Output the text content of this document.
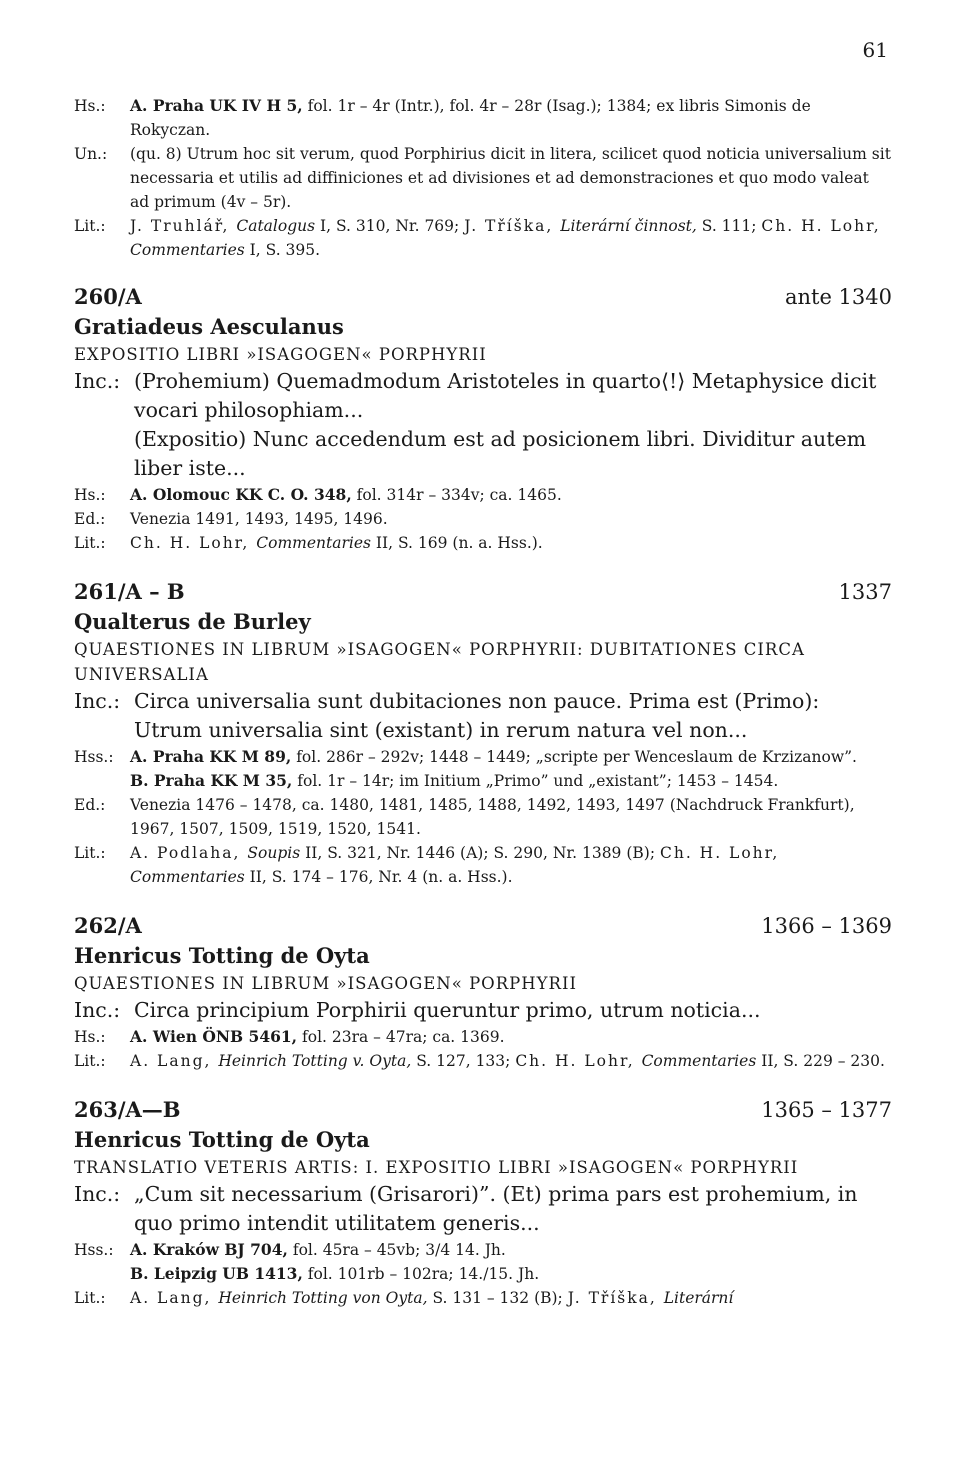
61
Hs.:	A. Praha UK IV H 5, fol. 1r – 4r (Intr.), fol. 4r – 28r (Isag.); 1384; ex libris Simonis de Rokyczan.
Un.:	(qu. 8) Utrum hoc sit verum, quod Porphirius dicit in litera, scilicet quod noticia universalium sit necessaria et utilis ad diffiniciones et ad divisiones et ad demonstraciones et quo modo valeat ad primum (4v – 5r).
Lit.:	J. Truhlář, Catalogus I, S. 310, Nr. 769; J. Tříška, Literární činnost, S. 111; Ch. H. Lohr, Commentaries I, S. 395.
260/A	ante 1340
Gratiadeus Aesculanus
EXPOSITIO LIBRI »ISAGOGEN« PORPHYRII
Inc.: (Prohemium) Quemadmodum Aristoteles in quarto⟨!⟩ Metaphysice dicit vocari philosophiam...
(Expositio) Nunc accedendum est ad posicionem libri. Dividitur autem liber iste...
Hs.:	A. Olomouc KK C. O. 348, fol. 314r – 334v; ca. 1465.
Ed.:	Venezia 1491, 1493, 1495, 1496.
Lit.:	Ch. H. Lohr, Commentaries II, S. 169 (n. a. Hss.).
261/A – B	1337
Qualterus de Burley
QUAESTIONES IN LIBRUM »ISAGOGEN« PORPHYRII: DUBITATIONES CIRCA UNIVERSALIA
Inc.: Circa universalia sunt dubitaciones non pauce. Prima est (Primo): Utrum universalia sint (existant) in rerum natura vel non...
Hss.:	A. Praha KK M 89, fol. 286r – 292v; 1448 – 1449; „scripte per Wenceslaum de Krzizanow”.
B. Praha KK M 35, fol. 1r – 14r; im Initium „Primo” und „existant”; 1453 – 1454.
Ed.:	Venezia 1476 – 1478, ca. 1480, 1481, 1485, 1488, 1492, 1493, 1497 (Nachdruck Frankfurt), 1967, 1507, 1509, 1519, 1520, 1541.
Lit.:	A. Podlaha, Soupis II, S. 321, Nr. 1446 (A); S. 290, Nr. 1389 (B); Ch. H. Lohr, Commentaries II, S. 174 – 176, Nr. 4 (n. a. Hss.).
262/A	1366 – 1369
Henricus Totting de Oyta
QUAESTIONES IN LIBRUM »ISAGOGEN« PORPHYRII
Inc.: Circa principium Porphirii queruntur primo, utrum noticia...
Hs.:	A. Wien ÖNB 5461, fol. 23ra – 47ra; ca. 1369.
Lit.:	A. Lang, Heinrich Totting v. Oyta, S. 127, 133; Ch. H. Lohr, Commentaries II, S. 229 – 230.
263/A—B	1365 – 1377
Henricus Totting de Oyta
TRANSLATIO VETERIS ARTIS: I. EXPOSITIO LIBRI »ISAGOGEN« PORPHYRII
Inc.: „Cum sit necessarium (Grisarori)”. (Et) prima pars est prohemium, in quo primo intendit utilitatem generis...
Hss.:	A. Kraków BJ 704, fol. 45ra – 45vb; 3/4 14. Jh.
B. Leipzig UB 1413, fol. 101rb – 102ra; 14./15. Jh.
Lit.:	A. Lang, Heinrich Totting von Oyta, S. 131 – 132 (B); J. Tříška, Literární
